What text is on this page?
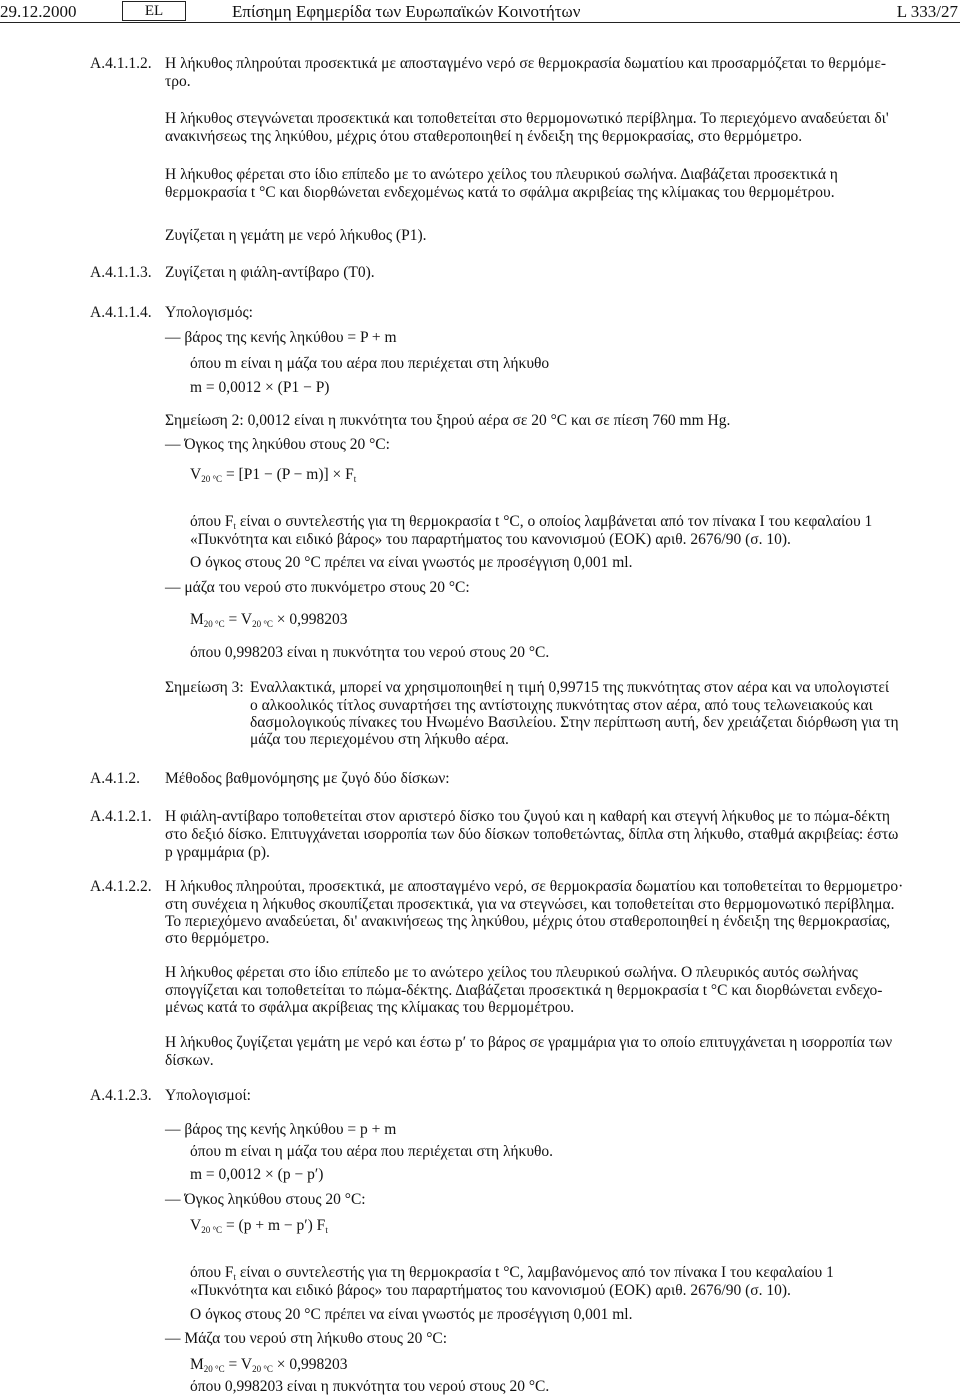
29.12.2000	EL	Επίσημη Εφημερίδα των Ευρωπαϊκών Κοινοτήτων	L 333/27
A.4.1.1.2. Η λήκυθος πληρούται προσεκτικά με αποσταγμένο νερό σε θερμοκρασία δωματίου και προσαρμόζεται το θερμόμε-
τρο.
Η λήκυθος στεγνώνεται προσεκτικά και τοποθετείται στο θερμομονωτικό περίβλημα. Το περιεχόμενο αναδεύεται δι'
ανακινήσεως της ληκύθου, μέχρις ότου σταθεροποιηθεί η ένδειξη της θερμοκρασίας, στο θερμόμετρο.
Η λήκυθος φέρεται στο ίδιο επίπεδο με το ανώτερο χείλος του πλευρικού σωλήνα. Διαβάζεται προσεκτικά η
θερμοκρασία t °C και διορθώνεται ενδεχομένως κατά το σφάλμα ακριβείας της κλίμακας του θερμομέτρου.
Ζυγίζεται η γεμάτη με νερό λήκυθος (P1).
A.4.1.1.3. Ζυγίζεται η φιάλη-αντίβαρο (T0).
A.4.1.1.4. Υπολογισμός:
— βάρος της κενής ληκύθου = P + m
όπου m είναι η μάζα του αέρα που περιέχεται στη λήκυθο
m = 0,0012 × (P1 − P)
Σημείωση 2: 0,0012 είναι η πυκνότητα του ξηρού αέρα σε 20 °C και σε πίεση 760 mm Hg.
— Όγκος της ληκύθου στους 20 °C:
$V_{20 ^\circ C} = [P1 - (P - m)] \times F_t$
όπου $F_t$ είναι ο συντελεστής για τη θερμοκρασία t °C, ο οποίος λαμβάνεται από τον πίνακα I του κεφαλαίου 1
«Πυκνότητα και ειδικό βάρος» του παραρτήματος του κανονισμού (ΕΟΚ) αριθ. 2676/90 (σ. 10).
Ο όγκος στους 20 °C πρέπει να είναι γνωστός με προσέγγιση 0,001 ml.
— μάζα του νερού στο πυκνόμετρο στους 20 °C:
$M_{20 ^\circ C} = V_{20 ^\circ C} \times 0,998203$
όπου 0,998203 είναι η πυκνότητα του νερού στους 20 °C.
Σημείωση 3: Εναλλακτικά, μπορεί να χρησιμοποιηθεί η τιμή 0,99715 της πυκνότητας στον αέρα και να υπολογιστεί
ο αλκοολικός τίτλος συναρτήσει της αντίστοιχης πυκνότητας στον αέρα, από τους τελωνειακούς και
δασμολογικούς πίνακες του Ηνωμένο Βασιλείου. Στην περίπτωση αυτή, δεν χρειάζεται διόρθωση για τη
μάζα του περιεχομένου στη λήκυθο αέρα.
A.4.1.2. Μέθοδος βαθμονόμησης με ζυγό δύο δίσκων:
A.4.1.2.1. Η φιάλη-αντίβαρο τοποθετείται στον αριστερό δίσκο του ζυγού και η καθαρή και στεγνή λήκυθος με το πώμα-δέκτη
στο δεξιό δίσκο. Επιτυγχάνεται ισορροπία των δύο δίσκων τοποθετώντας, δίπλα στη λήκυθο, σταθμά ακριβείας: έστω
p γραμμάρια (p).
A.4.1.2.2. Η λήκυθος πληρούται, προσεκτικά, με αποσταγμένο νερό, σε θερμοκρασία δωματίου και τοποθετείται το θερμομετρο·
στη συνέχεια η λήκυθος σκουπίζεται προσεκτικά, για να στεγνώσει, και τοποθετείται στο θερμομονωτικό περίβλημα.
Το περιεχόμενο αναδεύεται, δι' ανακινήσεως της ληκύθου, μέχρις ότου σταθεροποιηθεί η ένδειξη της θερμοκρασίας,
στο θερμόμετρο.
Η λήκυθος φέρεται στο ίδιο επίπεδο με το ανώτερο χείλος του πλευρικού σωλήνα. Ο πλευρικός αυτός σωλήνας
σπογγίζεται και τοποθετείται το πώμα-δέκτης. Διαβάζεται προσεκτικά η θερμοκρασία t °C και διορθώνεται ενδεχο-
μένως κατά το σφάλμα ακρίβειας της κλίμακας του θερμομέτρου.
Η λήκυθος ζυγίζεται γεμάτη με νερό και έστω p′ το βάρος σε γραμμάρια για το οποίο επιτυγχάνεται η ισορροπία των
δίσκων.
A.4.1.2.3. Υπολογισμοί:
— βάρος της κενής ληκύθου = p + m
όπου m είναι η μάζα του αέρα που περιέχεται στη λήκυθο.
m = 0,0012 × (p − p′)
— Όγκος ληκύθου στους 20 °C:
$V_{20 ^\circ C} = (p + m - p')$ $F_t$
όπου $F_t$ είναι ο συντελεστής για τη θερμοκρασία t °C, λαμβανόμενος από τον πίνακα I του κεφαλαίου 1
«Πυκνότητα και ειδικό βάρος» του παραρτήματος του κανονισμού (ΕΟΚ) αριθ. 2676/90 (σ. 10).
Ο όγκος στους 20 °C πρέπει να είναι γνωστός με προσέγγιση 0,001 ml.
— Μάζα του νερού στη λήκυθο στους 20 °C:
$M_{20 ^\circ C} = V_{20 ^\circ C} \times 0,998203$
όπου 0,998203 είναι η πυκνότητα του νερού στους 20 °C.
